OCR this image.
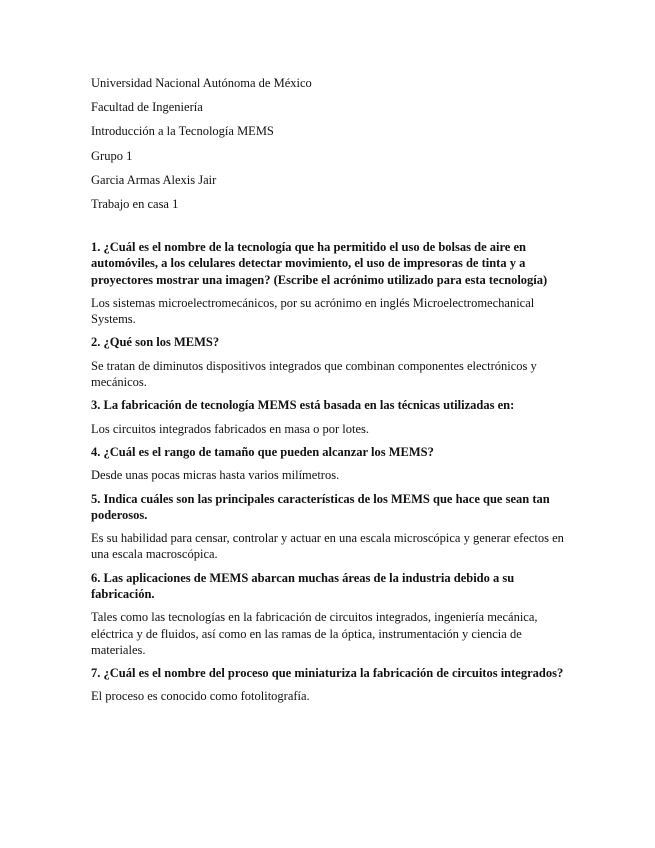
Universidad Nacional Autónoma de México

Facultad de Ingeniería

Introducción a la Tecnología MEMS

Grupo 1

Garcia Armas Alexis Jair

Trabajo en casa 1

1. ¿Cuál es el nombre de la tecnología que ha permitido el uso de bolsas de aire en automóviles, a los celulares detectar movimiento, el uso de impresoras de tinta y a proyectores mostrar una imagen? (Escribe el acrónimo utilizado para esta tecnología)

Los sistemas microelectromecánicos, por su acrónimo en inglés Microelectromechanical Systems.

2. ¿Qué son los MEMS?

Se tratan de diminutos dispositivos integrados que combinan componentes electrónicos y mecánicos.

3. La fabricación de tecnología MEMS está basada en las técnicas utilizadas en:

Los circuitos integrados fabricados en masa o por lotes.

4. ¿Cuál es el rango de tamaño que pueden alcanzar los MEMS?

Desde unas pocas micras hasta varios milímetros.

5. Indica cuáles son las principales características de los MEMS que hace que sean tan poderosos.

Es su habilidad para censar, controlar y actuar en una escala microscópica y generar efectos en una escala macroscópica.

6. Las aplicaciones de MEMS abarcan muchas áreas de la industria debido a su fabricación.

Tales como las tecnologías en la fabricación de circuitos integrados, ingeniería mecánica, eléctrica y de fluidos, así como en las ramas de la óptica, instrumentación y ciencia de materiales.

7. ¿Cuál es el nombre del proceso que miniaturiza la fabricación de circuitos integrados?

El proceso es conocido como fotolitografía.
